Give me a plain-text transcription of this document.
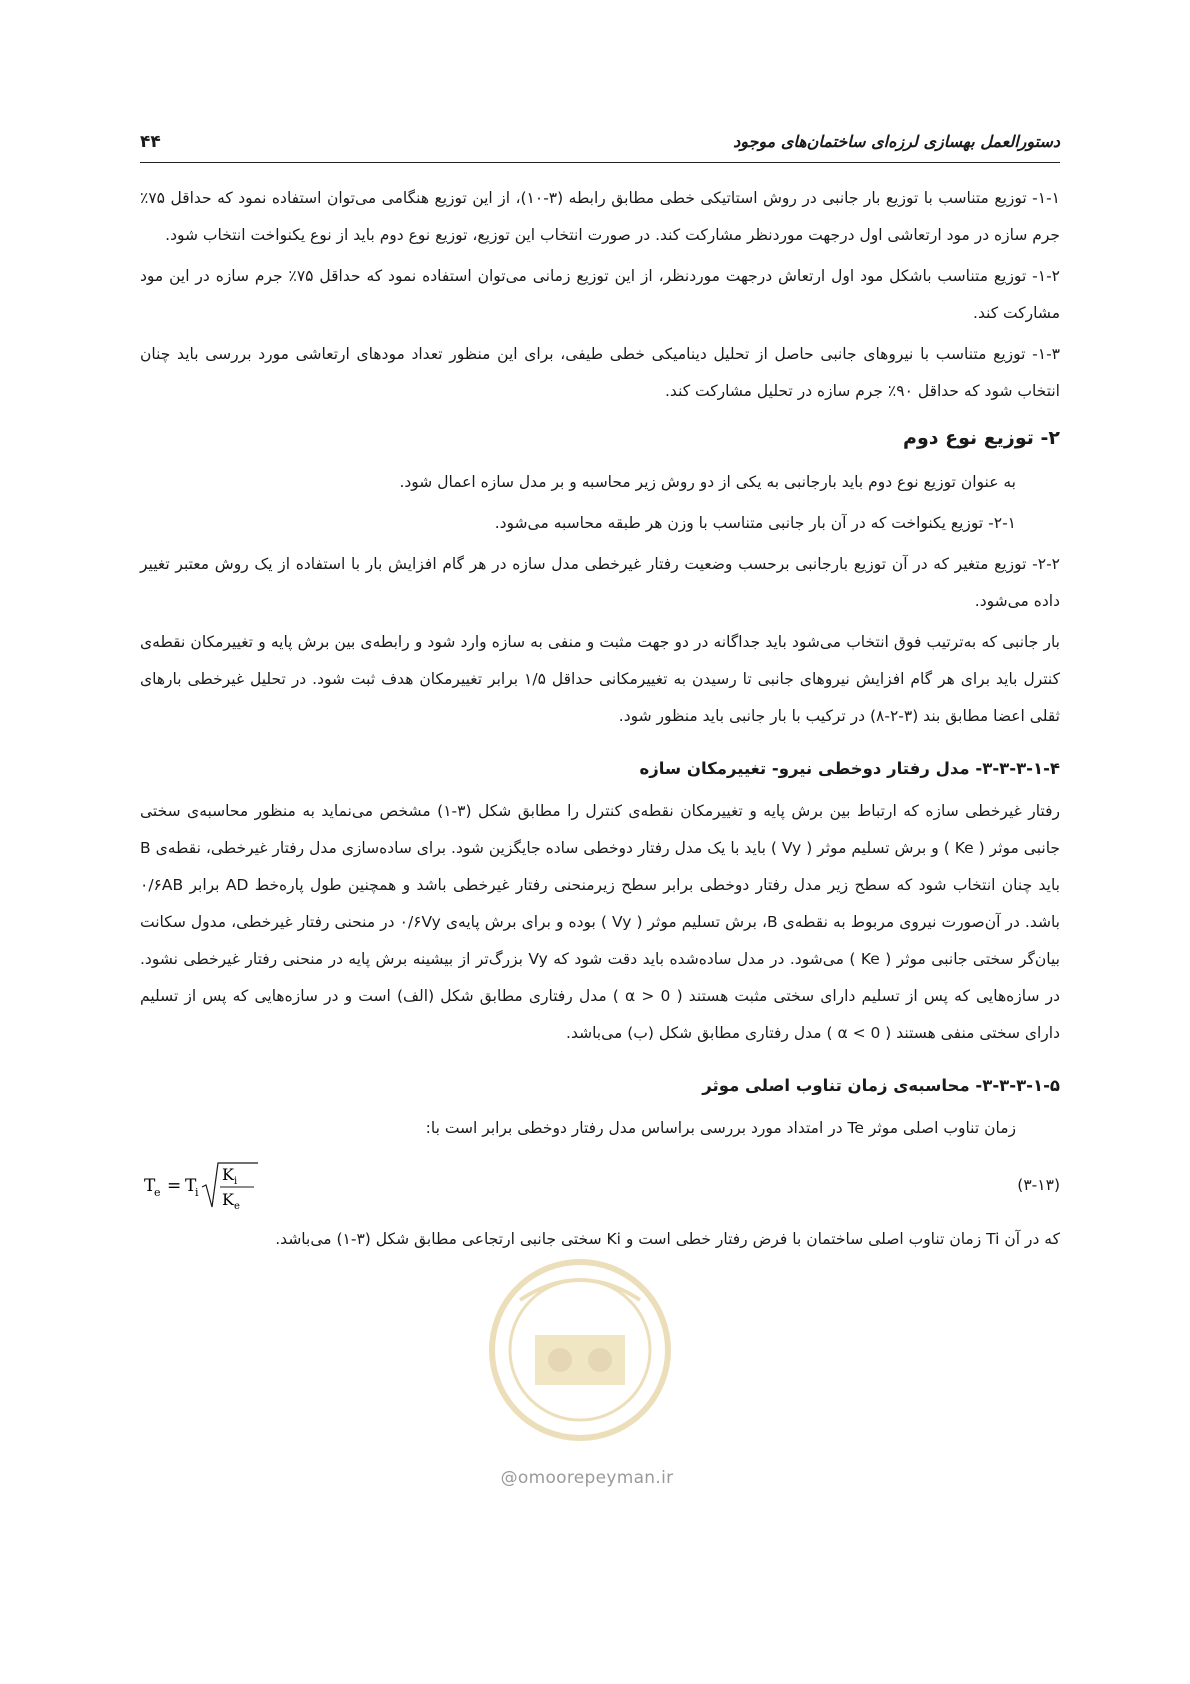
۴۴	دستورالعمل بهسازی لرزه‌ای ساختمان‌های موجود

۱-۱- توزیع متناسب با توزیع بار جانبی در روش استاتیکی خطی مطابق رابطه (۳-۱۰)، از این توزیع هنگامی می‌توان استفاده نمود که حداقل ۷۵٪ جرم سازه در مود ارتعاشی اول درجهت موردنظر مشارکت کند. در صورت انتخاب این توزیع، توزیع نوع دوم باید از نوع یکنواخت انتخاب شود.

۱-۲- توزیع متناسب باشکل مود اول ارتعاش درجهت موردنظر، از این توزیع زمانی می‌توان استفاده نمود که حداقل ۷۵٪ جرم سازه در این مود مشارکت کند.

۱-۳- توزیع متناسب با نیروهای جانبی حاصل از تحلیل دینامیکی خطی طیفی، برای این منظور تعداد مودهای ارتعاشی مورد بررسی باید چنان انتخاب شود که حداقل ۹۰٪ جرم سازه در تحلیل مشارکت کند.

۲- توزیع نوع دوم

به عنوان توزیع نوع دوم باید بارجانبی به یکی از دو روش زیر محاسبه و بر مدل سازه اعمال شود.

۲-۱- توزیع یکنواخت که در آن بار جانبی متناسب با وزن هر طبقه محاسبه می‌شود.

۲-۲- توزیع متغیر که در آن توزیع بارجانبی برحسب وضعیت رفتار غیرخطی مدل سازه در هر گام افزایش بار با استفاده از یک روش معتبر تغییر داده می‌شود.

بار جانبی که به‌ترتیب فوق انتخاب می‌شود باید جداگانه در دو جهت مثبت و منفی به سازه وارد شود و رابطه‌ی بین برش پایه و تغییرمکان نقطه‌ی کنترل باید برای هر گام افزایش نیروهای جانبی تا رسیدن به تغییرمکانی حداقل ۱/۵ برابر تغییرمکان هدف ثبت شود. در تحلیل غیرخطی بارهای ثقلی اعضا مطابق بند (۳-۲-۸) در ترکیب با بار جانبی باید منظور شود.

۳-۳-۳-۱-۴- مدل رفتار دوخطی نیرو- تغییرمکان سازه

رفتار غیرخطی سازه که ارتباط بین برش پایه و تغییرمکان نقطه‌ی کنترل را مطابق شکل (۳-۱) مشخص می‌نماید به منظور محاسبه‌ی سختی جانبی موثر ( Ke ) و برش تسلیم موثر ( Vy ) باید با یک مدل رفتار دوخطی ساده جایگزین شود. برای ساده‌سازی مدل رفتار غیرخطی، نقطه‌ی B باید چنان انتخاب شود که سطح زیر مدل رفتار دوخطی برابر سطح زیرمنحنی رفتار غیرخطی باشد و همچنین طول پاره‌خط AD برابر ۰/۶AB باشد. در آن‌صورت نیروی مربوط به نقطه‌ی B، برش تسلیم موثر ( Vy ) بوده و برای برش پایه‌ی ۰/۶Vy در منحنی رفتار غیرخطی، مدول سکانت بیان‌گر سختی جانبی موثر ( Ke ) می‌شود. در مدل ساده‌شده باید دقت شود که Vy بزرگ‌تر از بیشینه برش پایه در منحنی رفتار غیرخطی نشود. در سازه‌هایی که پس از تسلیم دارای سختی مثبت هستند ( α > 0 ) مدل رفتاری مطابق شکل (الف) است و در سازه‌هایی که پس از تسلیم دارای سختی منفی هستند ( α < 0 ) مدل رفتاری مطابق شکل (ب) می‌باشد.

۳-۳-۳-۱-۵- محاسبه‌ی زمان تناوب اصلی موثر

زمان تناوب اصلی موثر Te در امتداد مورد بررسی براساس مدل رفتار دوخطی برابر است با:

T
e = T
i
K i
K e
(۳-۱۳)

که در آن Ti زمان تناوب اصلی ساختمان با فرض رفتار خطی است و Ki سختی جانبی ارتجاعی مطابق شکل (۳-۱) می‌باشد.

@omoorepeyman.ir
